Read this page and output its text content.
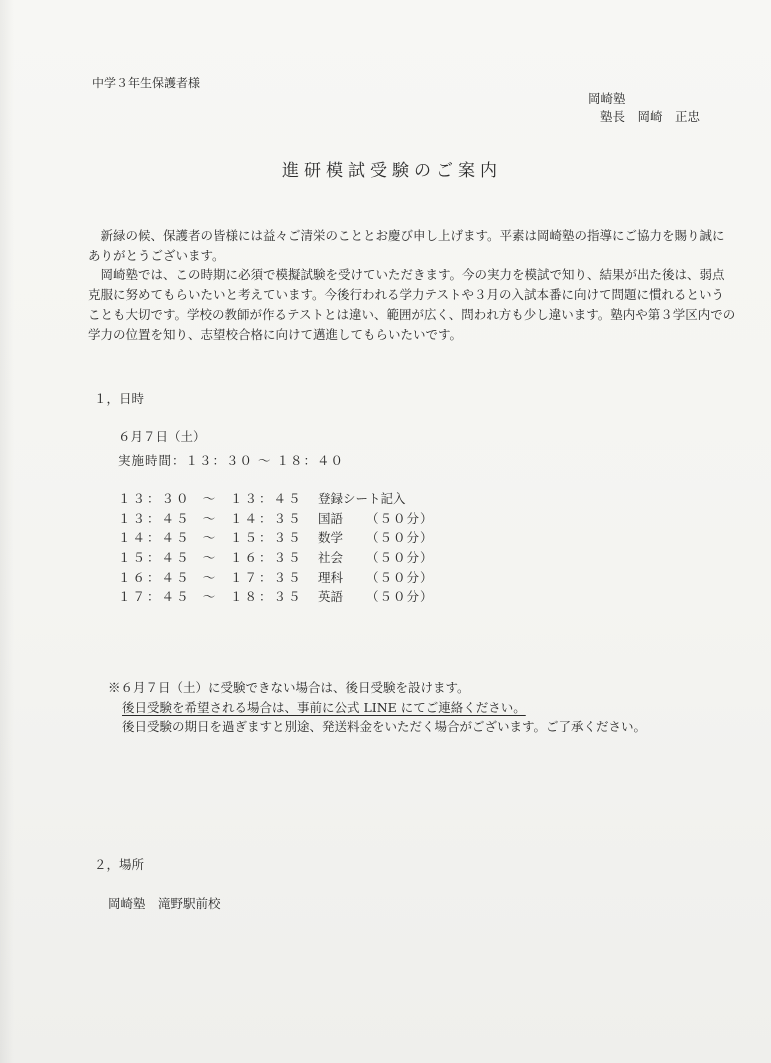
中学３年生保護者様
岡崎塾
塾長　岡崎　正忠
進研模試受験のご案内

新緑の候、保護者の皆様には益々ご清栄のこととお慶び申し上げます。平素は岡崎塾の指導にご協力を賜り誠にありがとうございます。

岡崎塾では、この時期に必須で模擬試験を受けていただきます。今の実力を模試で知り、結果が出た後は、弱点克服に努めてもらいたいと考えています。今後行われる学力テストや３月の入試本番に向けて問題に慣れるということも大切です。学校の教師が作るテストとは違い、範囲が広く、問われ方も少し違います。塾内や第３学区内での学力の位置を知り、志望校合格に向けて邁進してもらいたいです。

１，日時
６月７日（土）
実施時間：１３：３０ ～ １８：４０
１３：３０ ～ １３：４５ 登録シート記入
１３：４５ ～ １４：３５ 国語 （５０分）
１４：４５ ～ １５：３５ 数学 （５０分）
１５：４５ ～ １６：３５ 社会 （５０分）
１６：４５ ～ １７：３５ 理科 （５０分）
１７：４５ ～ １８：３５ 英語 （５０分）
※６月７日（土）に受験できない場合は、後日受験を設けます。
後日受験を希望される場合は、事前に公式 LINE にてご連絡ください。
後日受験の期日を過ぎますと別途、発送料金をいただく場合がございます。ご了承ください。
２，場所
岡崎塾　滝野駅前校
